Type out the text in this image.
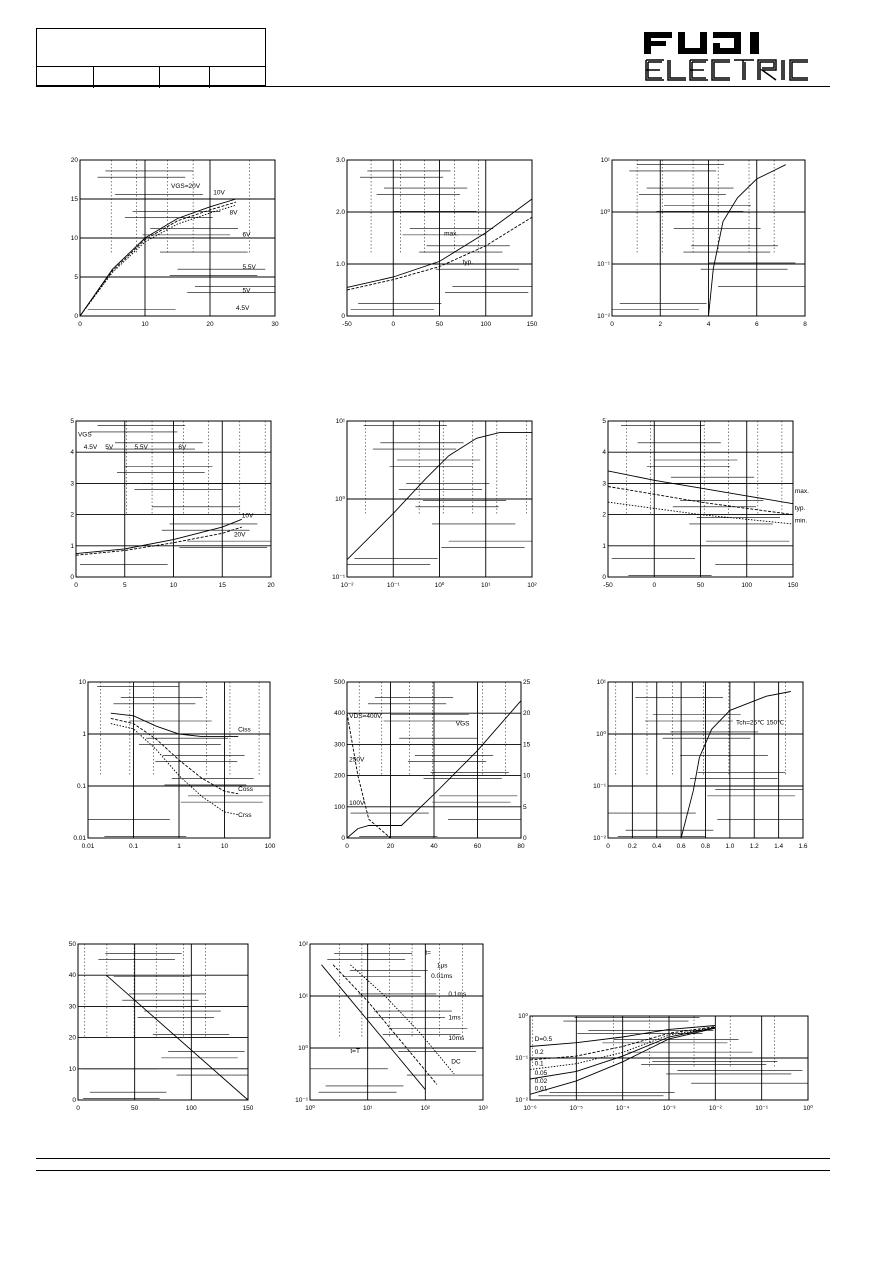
0	10	20	30
0
5
10
15
20
VGS=20V
10V
8V
6V
5.5V
5V
4.5V
-50	0	50	100	150
0
1.0
2.0
3.0
max.
typ.
0	2	4	6	8
10⁻²
10⁻¹
10⁰
10¹
0	5	10	15	20
0
1
2
3
4
5
VGS
4.5V 5V	5.5V	6V
10V
20V
10⁻²	10⁻¹	10⁰	10¹	10²
10⁻¹
10⁰
10¹
-50	0	50	100	150
0
1
2
3
4
5
max.
typ.
min.
0.01	0.1	1	10	100
0.01
0.1
1
10
Ciss
Coss
Crss
0	20	40	60	80
0
100
200
300
400
500
0
5
10
15
20
25
VDS=400V
250V
100V
VGS
0	0.2 0.4 0.6 0.8 1.0 1.2 1.4 1.6
10⁻²
10⁻¹
10⁰
10¹
Tch=25℃ 150℃
0	50	100	150
0
10
20
30
40
50
10⁰	10¹	10²	10³
10⁻¹
10⁰
10¹
10²
t=
1μs
0.01ms
0.1ms
1ms
10ms
DC
t=T
10⁻⁶	10⁻⁵	10⁻⁴	10⁻³	10⁻²	10⁻¹	10⁰
10⁻²
10⁻¹
10⁰
D=0.5
0.2
0.1
0.05
0.02
0.01
